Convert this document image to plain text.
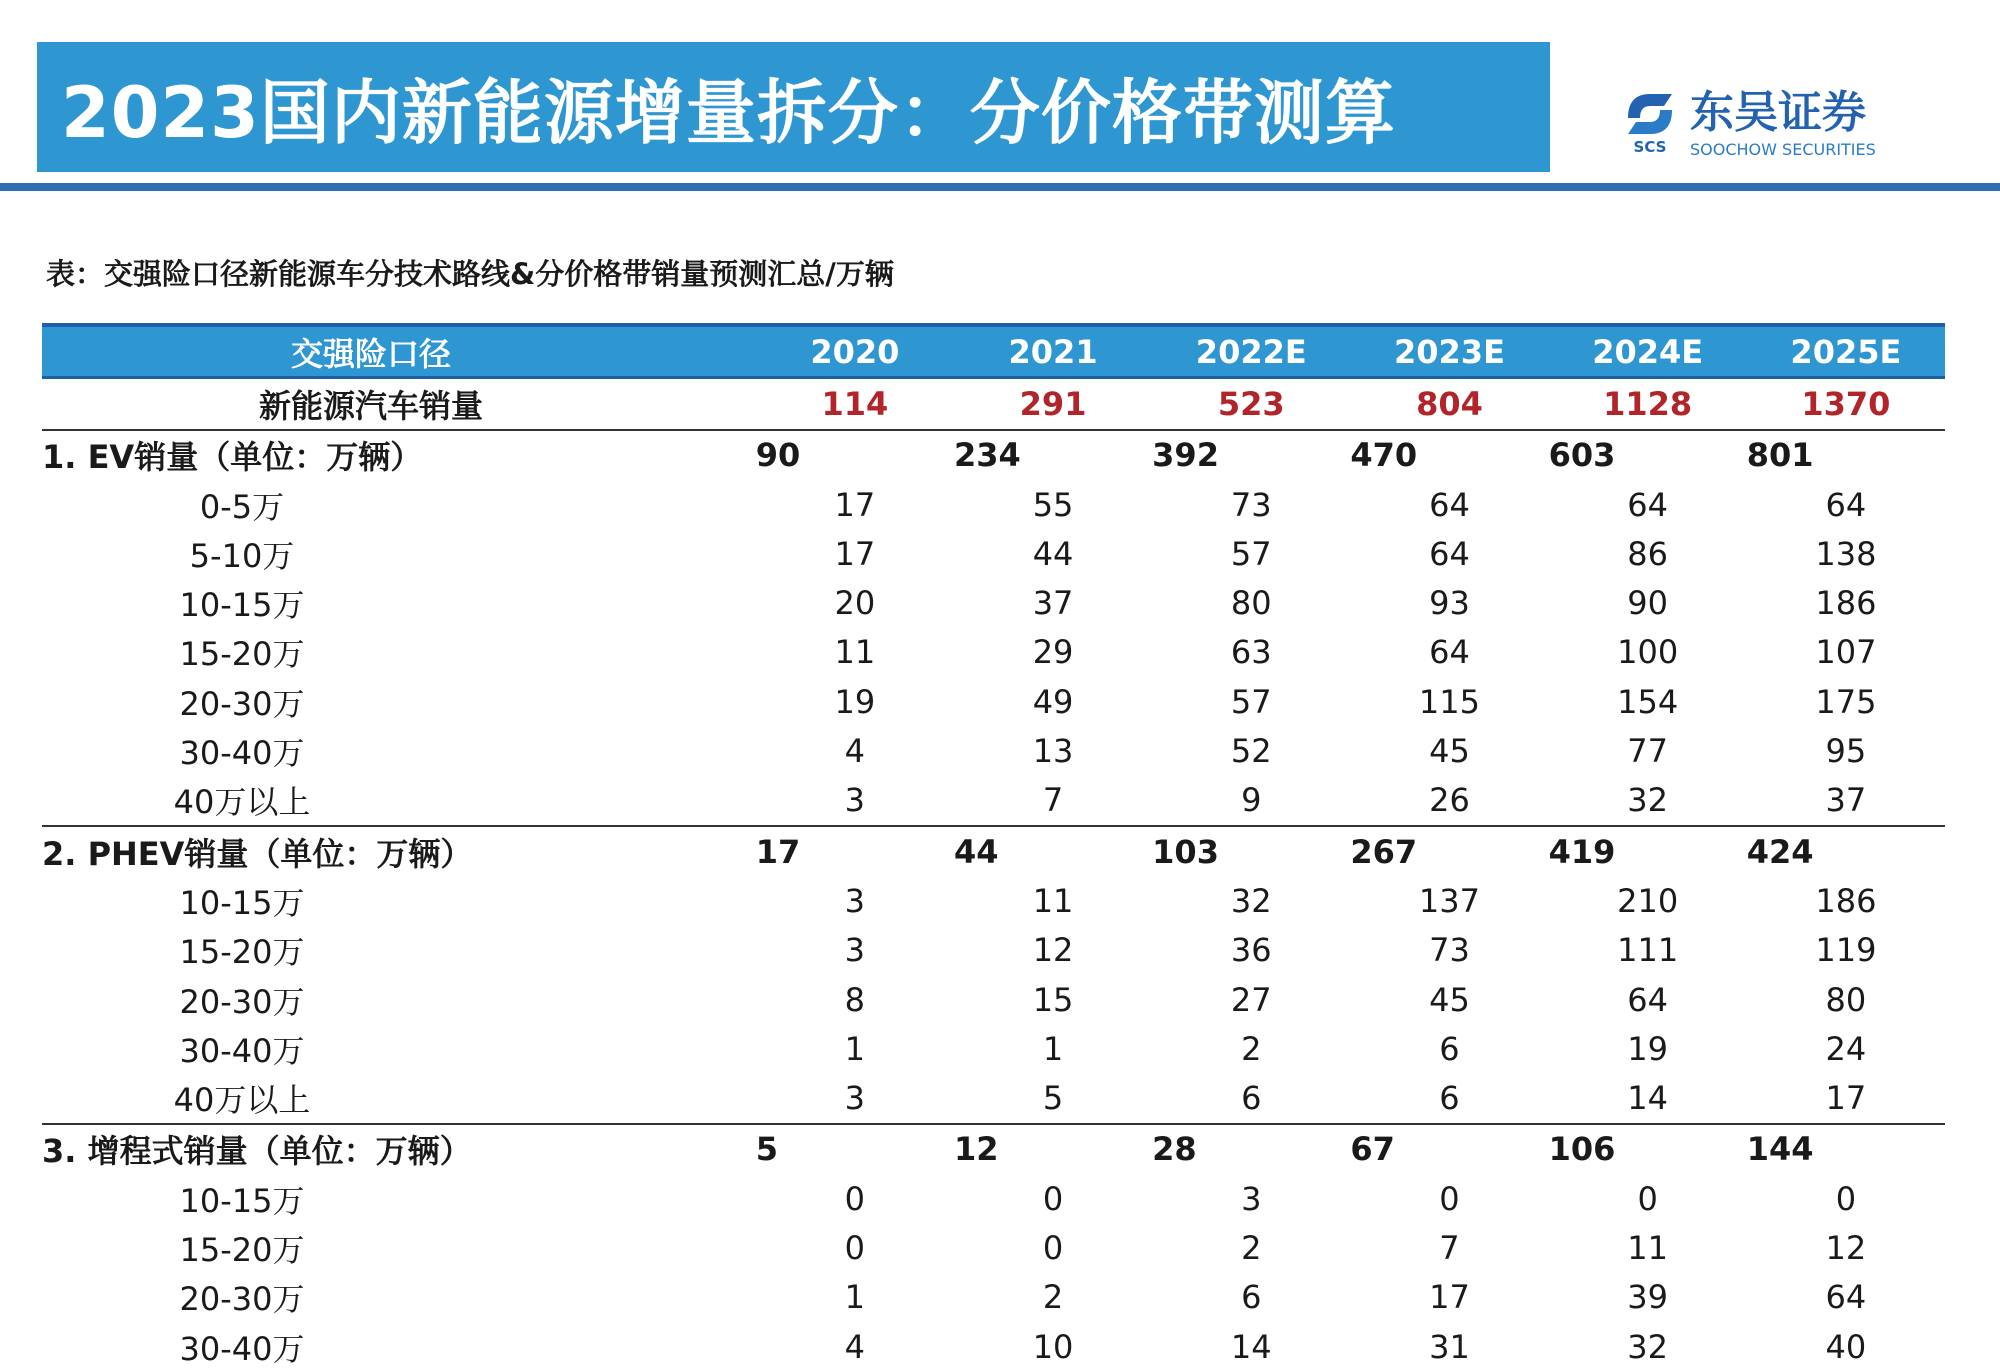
2023国内新能源增量拆分：分价格带测算	SCS
东吴证券
SOOCHOW SECURITIES
表：交强险口径新能源车分技术路线&分价格带销量预测汇总/万辆
交强险口径	2020	2021	2022E	2023E	2024E	2025E
新能源汽车销量	114	291	523	804	1128	1370
1. EV销量（单位：万辆）	90	234	392	470	603	801
0-5万	17	55	73	64	64	64
5-10万	17	44	57	64	86	138
10-15万	20	37	80	93	90	186
15-20万	11	29	63	64	100	107
20-30万	19	49	57	115	154	175
30-40万	4	13	52	45	77	95
40万以上	3	7	9	26	32	37
2. PHEV销量（单位：万辆）	17	44	103	267	419	424
10-15万	3	11	32	137	210	186
15-20万	3	12	36	73	111	119
20-30万	8	15	27	45	64	80
30-40万	1	1	2	6	19	24
40万以上	3	5	6	6	14	17
3. 增程式销量（单位：万辆）	5	12	28	67	106	144
10-15万	0	0	3	0	0	0
15-20万	0	0	2	7	11	12
20-30万	1	2	6	17	39	64
30-40万	4	10	14	31	32	40
